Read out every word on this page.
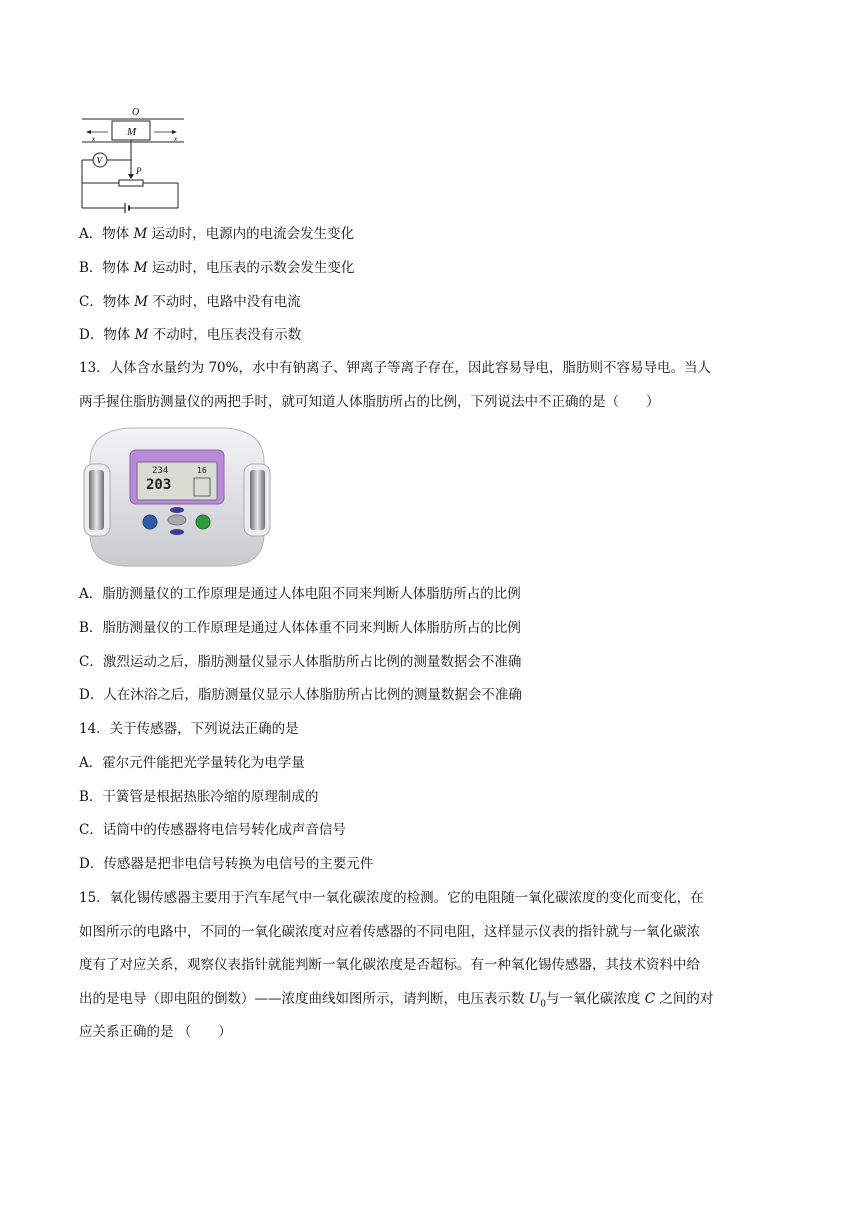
O
M
x	x
P
V
A．物体 M 运动时，电源内的电流会发生变化
B．物体 M 运动时，电压表的示数会发生变化
C．物体 M 不动时，电路中没有电流
D．物体 M 不动时，电压表没有示数
13．人体含水量约为 70%，水中有钠离子、钾离子等离子存在，因此容易导电，脂肪则不容易导电。当人
两手握住脂肪测量仪的两把手时，就可知道人体脂肪所占的比例，下列说法中不正确的是（　　）
234	16
203
A．脂肪测量仪的工作原理是通过人体电阻不同来判断人体脂肪所占的比例
B．脂肪测量仪的工作原理是通过人体体重不同来判断人体脂肪所占的比例
C．激烈运动之后，脂肪测量仪显示人体脂肪所占比例的测量数据会不准确
D．人在沐浴之后，脂肪测量仪显示人体脂肪所占比例的测量数据会不准确
14．关于传感器，下列说法正确的是
A．霍尔元件能把光学量转化为电学量
B．干簧管是根据热胀冷缩的原理制成的
C．话筒中的传感器将电信号转化成声音信号
D．传感器是把非电信号转换为电信号的主要元件
15．氧化锡传感器主要用于汽车尾气中一氧化碳浓度的检测。它的电阻随一氧化碳浓度的变化而变化，在
如图所示的电路中，不同的一氧化碳浓度对应着传感器的不同电阻，这样显示仪表的指针就与一氧化碳浓
度有了对应关系，观察仪表指针就能判断一氧化碳浓度是否超标。有一种氧化锡传感器，其技术资料中给
出的是电导（即电阻的倒数）——浓度曲线如图所示，请判断，电压表示数 $U_0$与一氧化碳浓度 C 之间的对
应关系正确的是 （　　）
